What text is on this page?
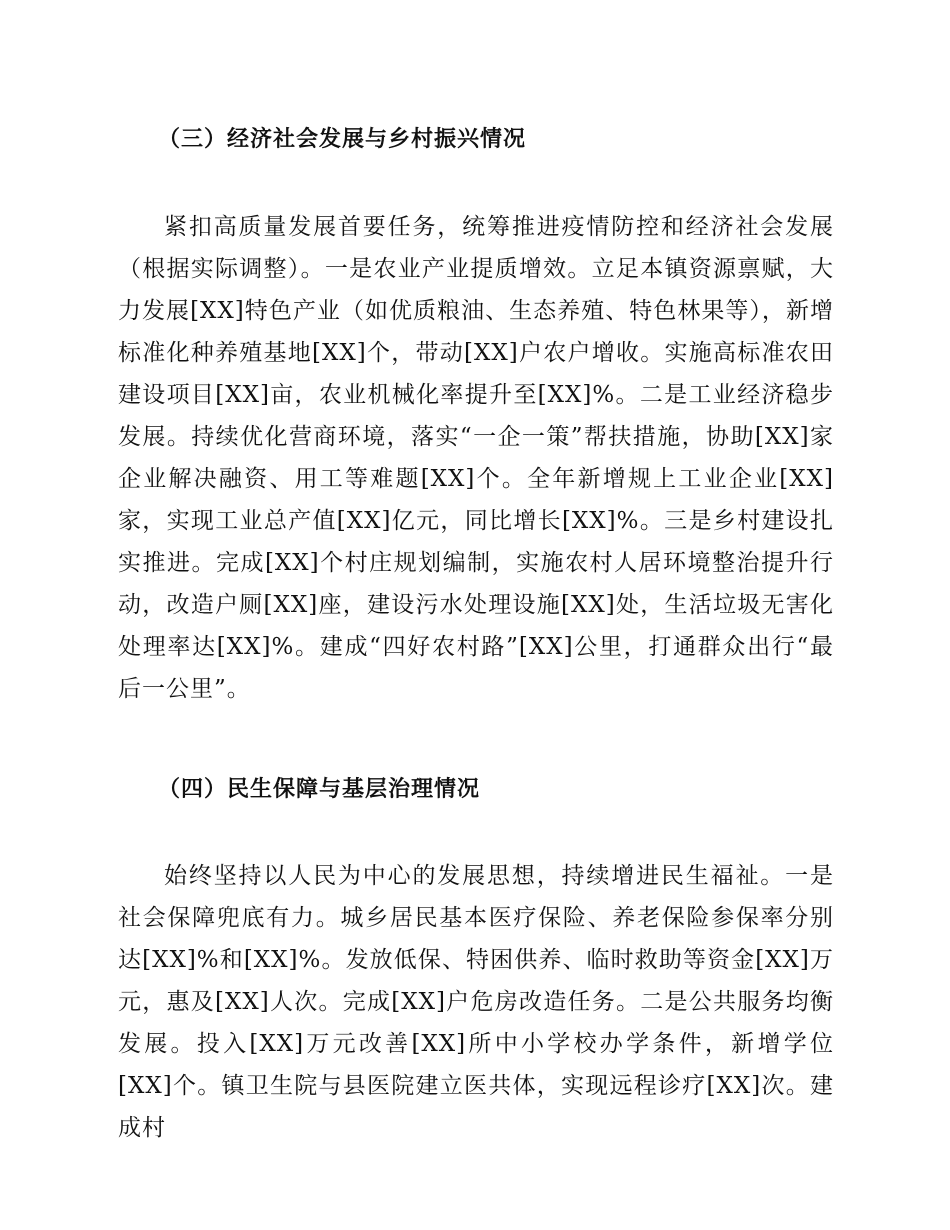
（三）经济社会发展与乡村振兴情况

紧扣高质量发展首要任务，统筹推进疫情防控和经济社会发展（根据实际调整）。一是农业产业提质增效。立足本镇资源禀赋，大力发展[XX]特色产业（如优质粮油、生态养殖、特色林果等），新增标准化种养殖基地[XX]个，带动[XX]户农户增收。实施高标准农田建设项目[XX]亩，农业机械化率提升至[XX]%。二是工业经济稳步发展。持续优化营商环境，落实“一企一策”帮扶措施，协助[XX]家企业解决融资、用工等难题[XX]个。全年新增规上工业企业[XX]家，实现工业总产值[XX]亿元，同比增长[XX]%。三是乡村建设扎实推进。完成[XX]个村庄规划编制，实施农村人居环境整治提升行动，改造户厕[XX]座，建设污水处理设施[XX]处，生活垃圾无害化处理率达[XX]%。建成“四好农村路”[XX]公里，打通群众出行“最后一公里”。

（四）民生保障与基层治理情况

始终坚持以人民为中心的发展思想，持续增进民生福祉。一是社会保障兜底有力。城乡居民基本医疗保险、养老保险参保率分别达[XX]%和[XX]%。发放低保、特困供养、临时救助等资金[XX]万元，惠及[XX]人次。完成[XX]户危房改造任务。二是公共服务均衡发展。投入[XX]万元改善[XX]所中小学校办学条件，新增学位[XX]个。镇卫生院与县医院建立医共体，实现远程诊疗[XX]次。建成村
